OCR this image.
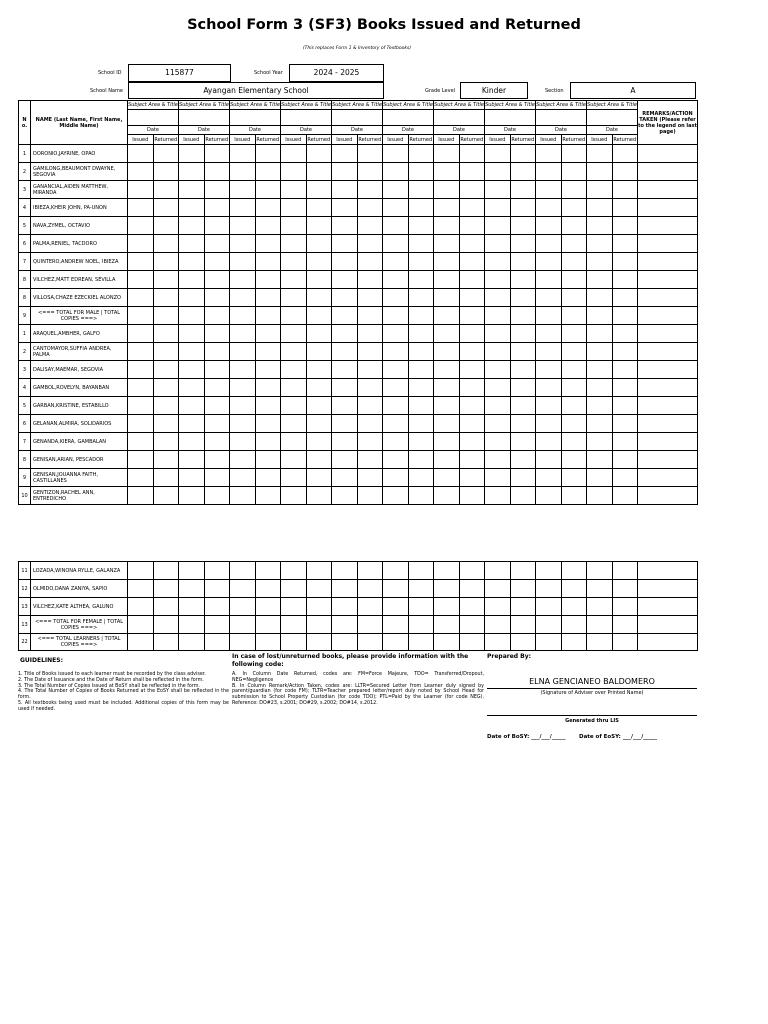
School Form 3 (SF3) Books Issued and Returned
(This replaces Form 1 & Inventory of Textbooks)
School ID	115877	School Year	2024 - 2025
School Name	Ayangan Elementary School	Grade Level	Kinder	Section	A
N o.	NAME (Last Name, First Name, Middle Name)	Subject Area & Title		Subject Area & Title		Subject Area & Title		Subject Area & Title		Subject Area & Title		Subject Area & Title		Subject Area & Title		Subject Area & Title		Subject Area & Title		Subject Area & Title		REMARKS/ACTION TAKEN (Please refer to the legend on last page)

		Date		Date		Date		Date		Date		Date		Date		Date		Date		Date		
		Issued	Returned	Issued	Returned	Issued	Returned	Issued	Returned	Issued	Returned	Issued	Returned	Issued	Returned	Issued	Returned	Issued	Returned	Issued	Returned	
1	DORONIO,JAYRINE, OPAO																					
2	GAMILONG,BEAUMONT DWAYNE, SEGOVIA																					
3	GANANCIAL,AIDEN MATTHEW, MIRANDA																					
4	IBIEZA,KHEIR JOHN, PA-UNON																					
5	NAVA,ZYMEL, OCTAVIO																					
6	PALMA,RENIEL, TACDORO																					
7	QUINTERO,ANDREW NOEL, IBIEZA																					
8	VILCHEZ,MATT EDREAN, SEVILLA																					
8	VILLOSA,CHAZE EZECKIEL ALONZO																					
9	<=== TOTAL FOR MALE | TOTAL COPIES ===>																					
1	ARAQUEL,AMBHER, GALFO																					
2	CANTOMAYOR,SUFFIA ANDREA, PALMA																					
3	DALISAY,MAEMAR, SEGOVIA																					
4	GAMBOL,ROVELYN, BAYANBAN																					
5	GARBAN,KRISTINE, ESTABILLO																					
6	GELANAN,ALMIRA, SOLIDARIOS																					
7	GENANDA,KIERA, GAMBALAN																					
8	GENISAN,ARIAN, PESCADOR																					
9	GENISAN,JOUANNA FAITH, CASTILLANES																					
10	GENTIZON,RACHEL ANN, ENTREDICHO																					
11	LOZADA,WINONA RYLLE, GALANZA																					
12	OLMIDO,DANA ZANIYA, SAPIO																					
13	VILCHEZ,KATE ALTHEA, GALUNO																					
13	<=== TOTAL FOR FEMALE | TOTAL COPIES ===>																					
22	<=== TOTAL LEARNERS | TOTAL COPIES ===>																					
GUIDELINES:
1. Title of Books issued to each learner must be recorded by the class adviser.
2. The Date of Issuance and the Date of Return shall be reflected in the form.
3. The Total Number of Copies Issued at BoSY shall be reflected in the form.
4. The Total Number of Copies of Books Returned at the EoSY shall be reflected in the form.
5. All textbooks being used must be included. Additional copies of this form may be used if needed.
In case of lost/unreturned books, please provide information with the following code:
A. In Column Date Returned, codes are: FM=Force Majeure, TDO= Transferred/Dropout, NEG=Negligence
B. In Column Remark/Action Taken, codes are: LLTR=Secured Letter from Learner duly signed by parent/guardian (for code FM); TLTR=Teacher prepared letter/report duly noted by School Head for submission to School Property Custodian (for code TDO); PTL=Paid by the Learner (for code NEG). Reference: DO#23, s.2001; DO#29, s.2002; DO#14, s.2012.
Prepared By:
ELNA GENCIANEO BALDOMERO
(Signature of Adviser over Printed Name)
Generated thru LIS
Date of BoSY: ___/___/_____ Date of EoSY: ___/___/_____
